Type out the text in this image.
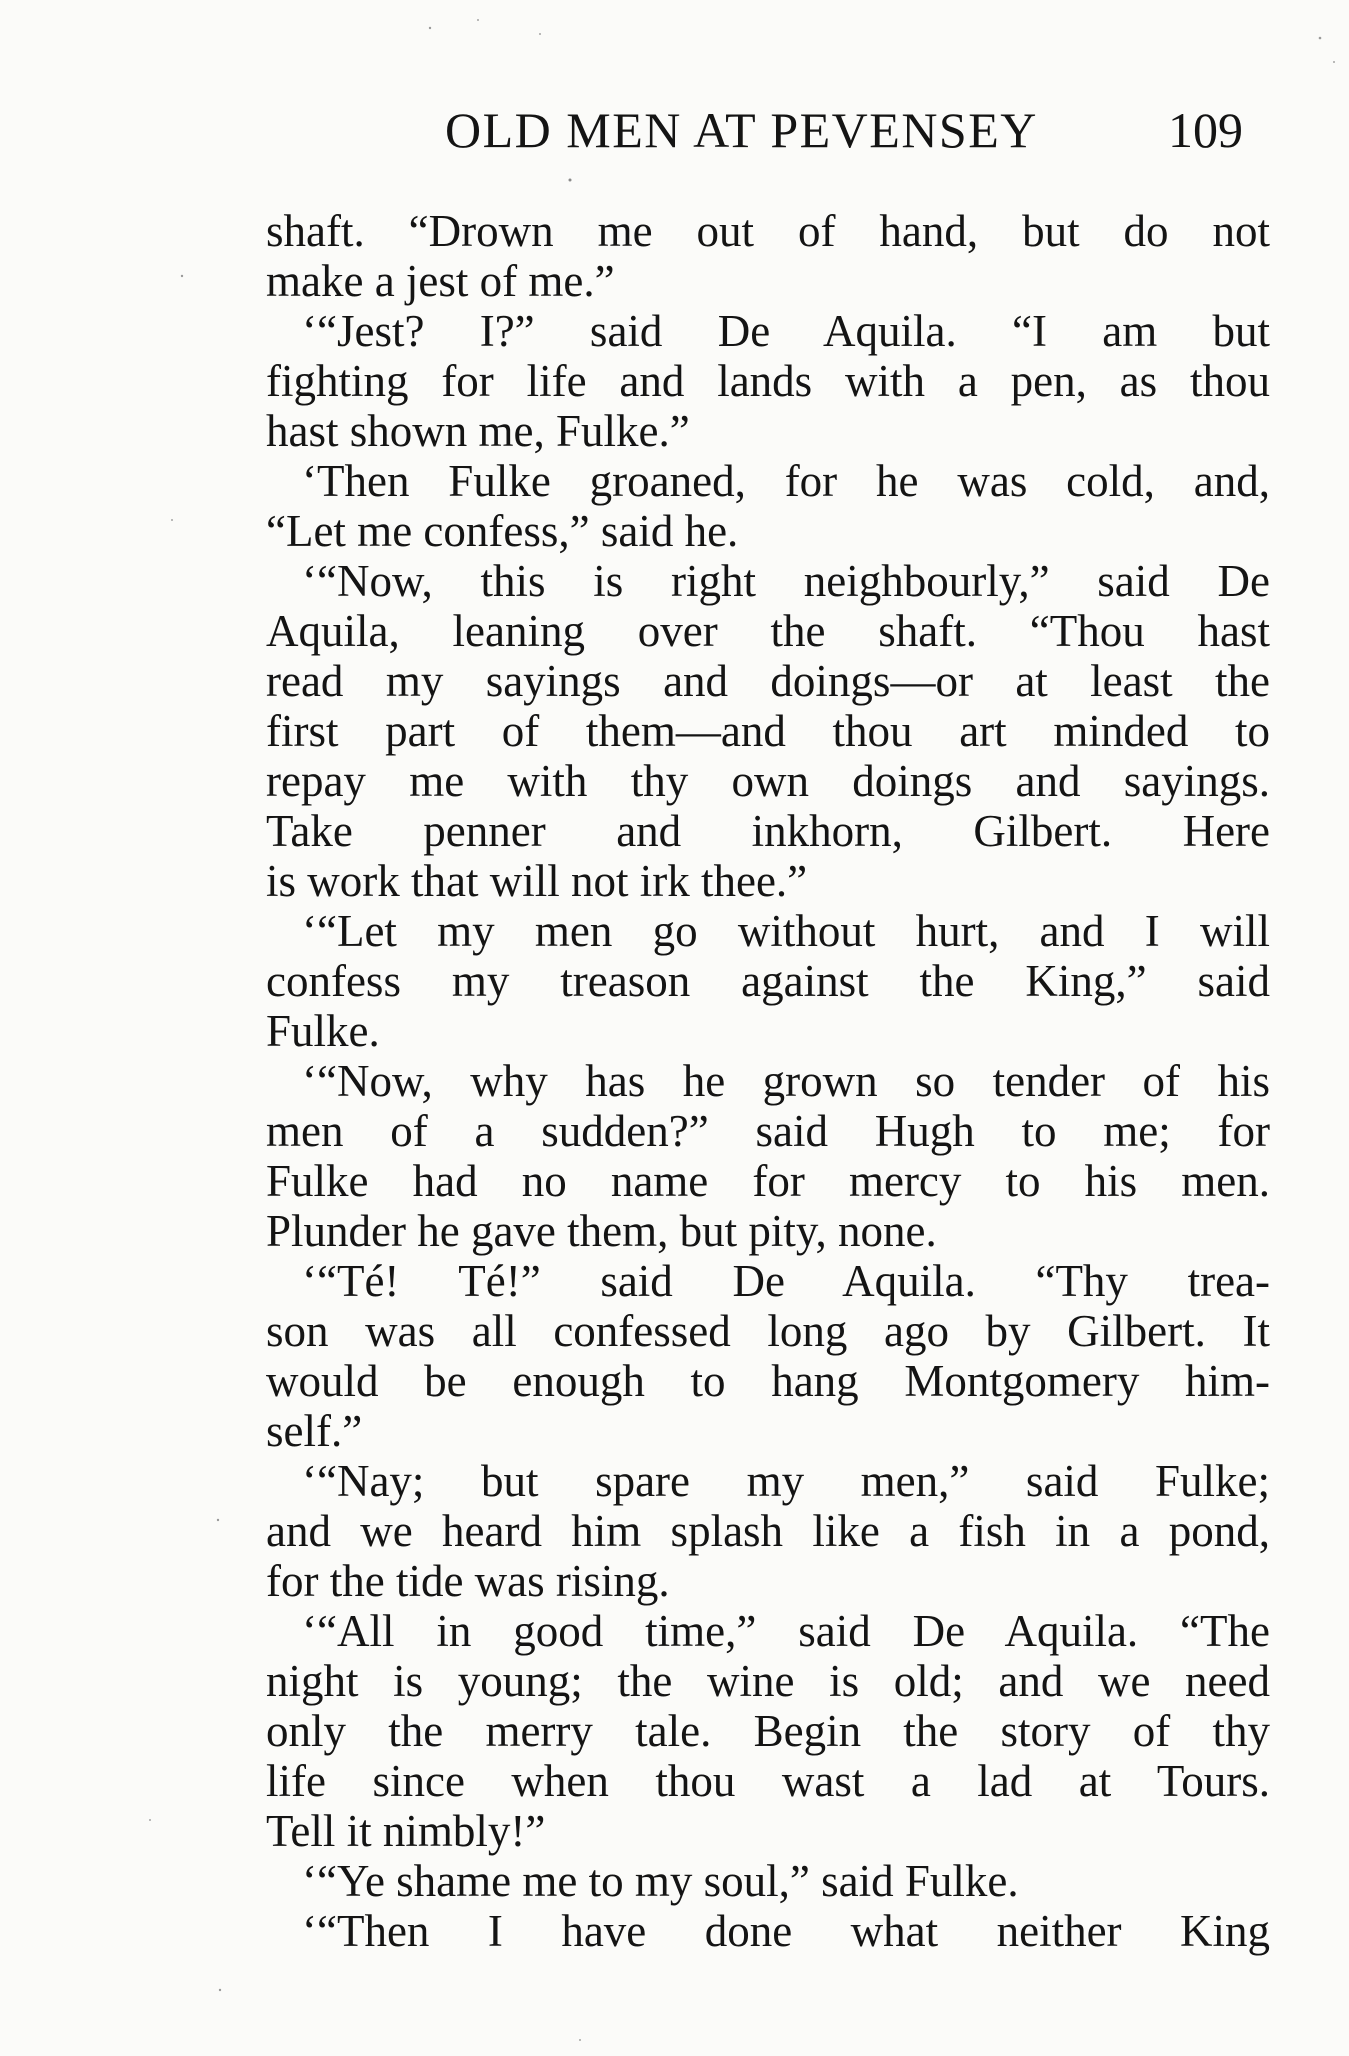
OLD MEN AT PEVENSEY	109
shaft. “Drown me out of hand, but do not
make a jest of me.”
‘“Jest? I?” said De Aquila. “I am but
fighting for life and lands with a pen, as thou
hast shown me, Fulke.”
‘Then Fulke groaned, for he was cold, and,
“Let me confess,” said he.
‘“Now, this is right neighbourly,” said De
Aquila, leaning over the shaft. “Thou hast
read my sayings and doings—or at least the
first part of them—and thou art minded to
repay me with thy own doings and sayings.
Take penner and inkhorn, Gilbert. Here
is work that will not irk thee.”
‘“Let my men go without hurt, and I will
confess my treason against the King,” said
Fulke.
‘“Now, why has he grown so tender of his
men of a sudden?” said Hugh to me; for
Fulke had no name for mercy to his men.
Plunder he gave them, but pity, none.
‘“Té! Té!” said De Aquila. “Thy trea-
son was all confessed long ago by Gilbert. It
would be enough to hang Montgomery him-
self.”
‘“Nay; but spare my men,” said Fulke;
and we heard him splash like a fish in a pond,
for the tide was rising.
‘“All in good time,” said De Aquila. “The
night is young; the wine is old; and we need
only the merry tale. Begin the story of thy
life since when thou wast a lad at Tours.
Tell it nimbly!”
‘“Ye shame me to my soul,” said Fulke.
‘“Then I have done what neither King
